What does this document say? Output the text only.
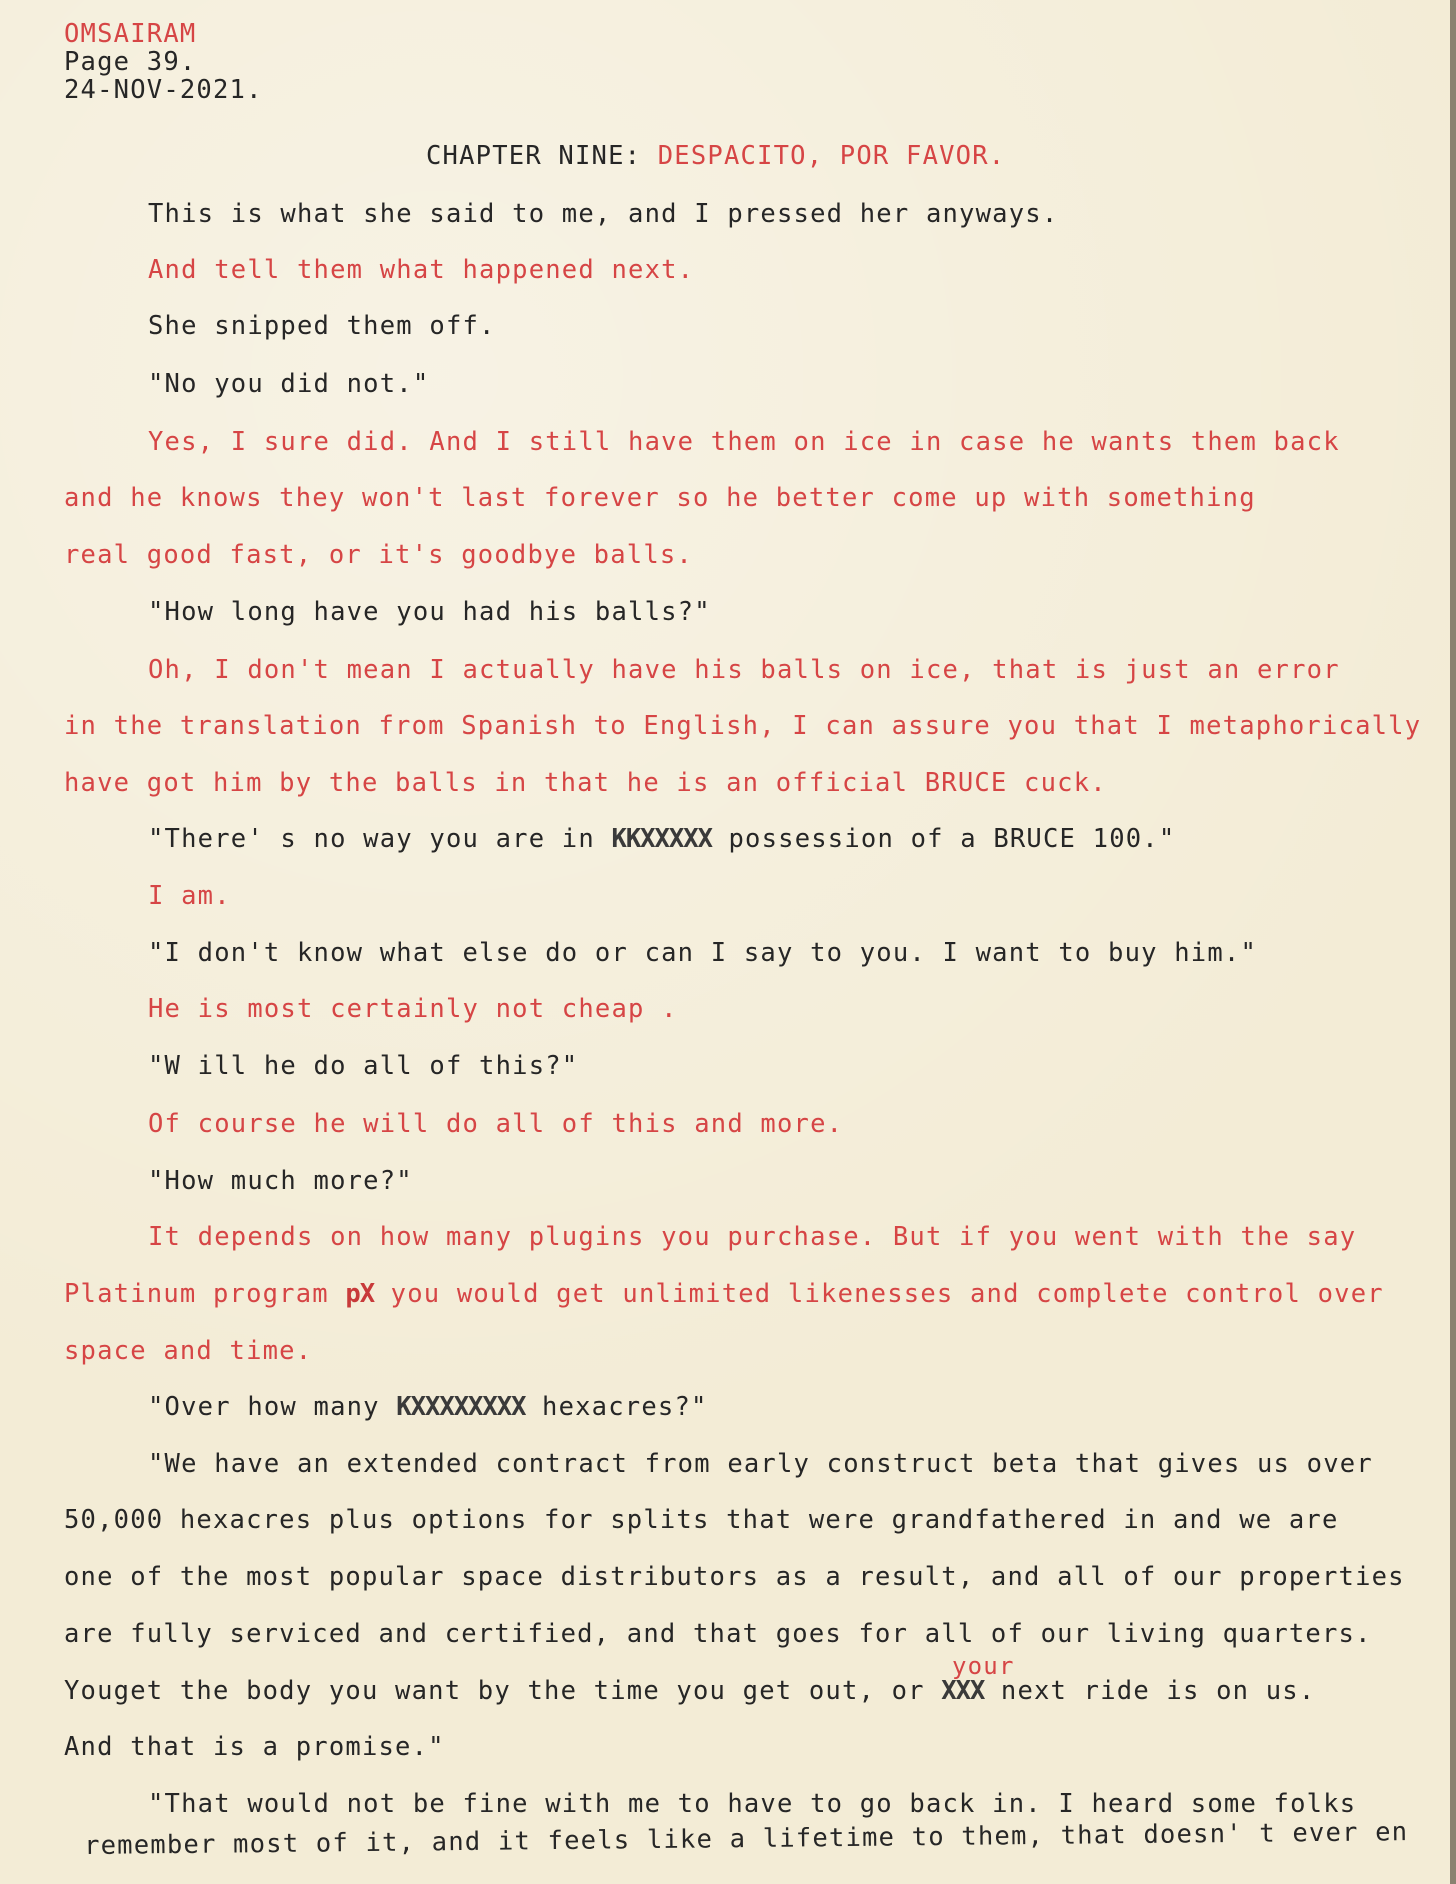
OMSAIRAM
Page 39.
24-NOV-2021.
CHAPTER NINE: DESPACITO, POR FAVOR.
This is what she said to me, and I pressed her anyways.
And tell them what happened next.
She snipped them off.
"No you did not."
Yes, I sure did. And I still have them on ice in case he wants them back
and he knows they won't last forever so he better come up with something
real good fast, or it's goodbye balls.
"How long have you had his balls?"
Oh, I don't mean I actually have his balls on ice, that is just an error
in the translation from Spanish to English, I can assure you that I metaphorically
have got him by the balls in that he is an official BRUCE cuck.
"There' s no way you are in KKXXXXX possession of a BRUCE 100."
I am.
"I don't know what else do or can I say to you. I want to buy him."
He is most certainly not cheap .
"W ill he do all of this?"
Of course he will do all of this and more.
"How much more?"
It depends on how many plugins you purchase. But if you went with the say
Platinum program pX you would get unlimited likenesses and complete control over
space and time.
"Over how many KXXXXXXXX hexacres?"
"We have an extended contract from early construct beta that gives us over
50,000 hexacres plus options for splits that were grandfathered in and we are
one of the most popular space distributors as a result, and all of our properties
are fully serviced and certified, and that goes for all of our living quarters.
your
Youget the body you want by the time you get out, or XXX next ride is on us.
And that is a promise."
"That would not be fine with me to have to go back in. I heard some folks
remember most of it, and it feels like a lifetime to them, that doesn' t ever en
